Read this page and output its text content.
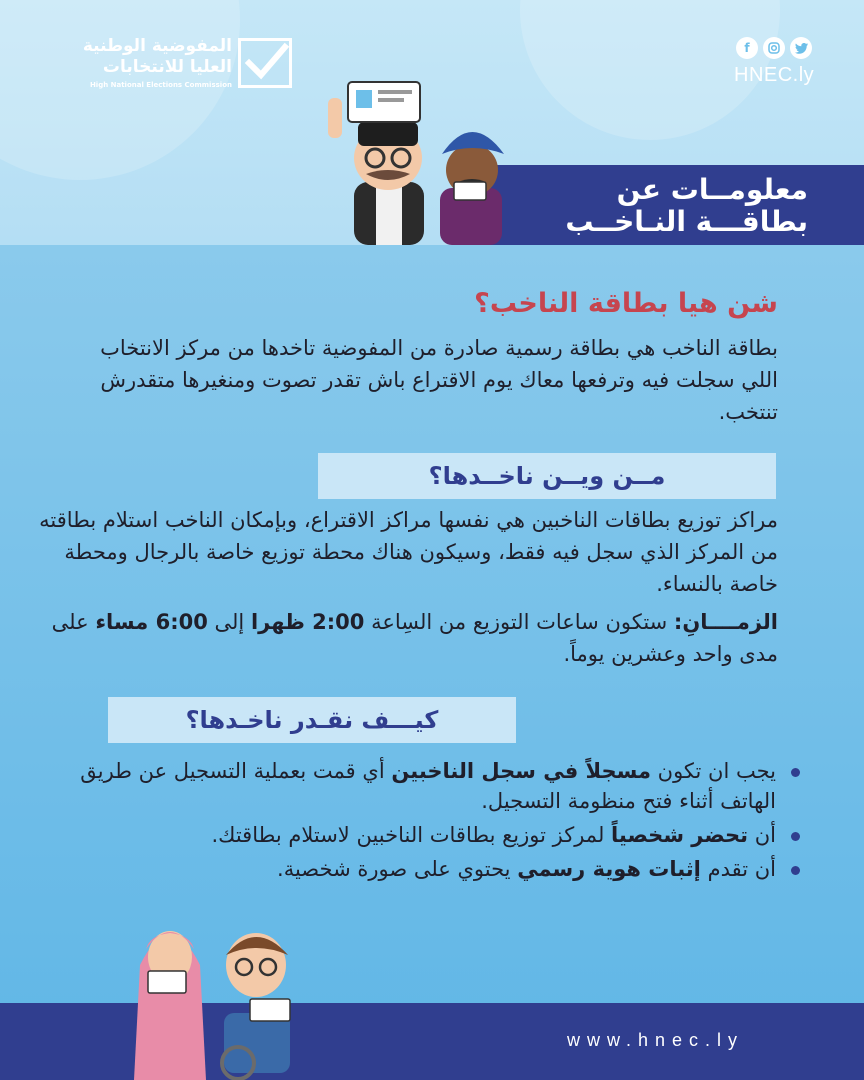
المفوضية الوطنية
العليا للانتخابات
High National Elections Commission
f
HNEC.ly
معلومــات عن
بطاقـــة النـاخــب
شن هيا بطاقة الناخب؟
بطاقة الناخب هي بطاقة رسمية صادرة من المفوضية تاخدها من مركز الانتخاب اللي سجلت فيه وترفعها معاك يوم الاقتراع باش تقدر تصوت ومنغيرها متقدرش تنتخب.
مــن ويــن ناخــدها؟
مراكز توزيع بطاقات الناخبين هي نفسها مراكز الاقتراع، وبإمكان الناخب استلام بطاقته من المركز الذي سجل فيه فقط، وسيكون هناك محطة توزيع خاصة بالرجال ومحطة خاصة بالنساء.
الزمــــانِ: ستكون ساعات التوزيع من السِاعة 2:00 ظهرا إلى 6:00 مساء على مدى واحد وعشرين يوماً.
كيـــف نقـدر ناخـدها؟
يجب ان تكون مسجلاً في سجل الناخبين أي قمت بعملية التسجيل عن طريق الهاتف أثناء فتح منظومة التسجيل.
أن تحضر شخصياً لمركز توزيع بطاقات الناخبين لاستلام بطاقتك.
أن تقدم إثبات هوية رسمي يحتوي على صورة شخصية.
www.hnec.ly
